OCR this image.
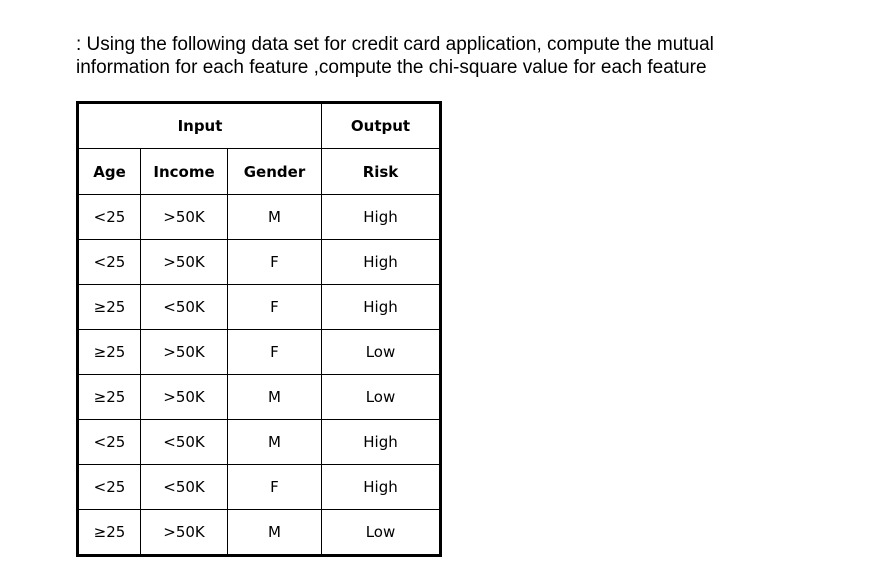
: Using the following data set for credit card application, compute the mutual
information for each feature ,compute the chi-square value for each feature

Input			Output
Age	Income	Gender	Risk
<25	>50K	M	High
<25	>50K	F	High
≥25	<50K	F	High
≥25	>50K	F	Low
≥25	>50K	M	Low
<25	<50K	M	High
<25	<50K	F	High
≥25	>50K	M	Low
